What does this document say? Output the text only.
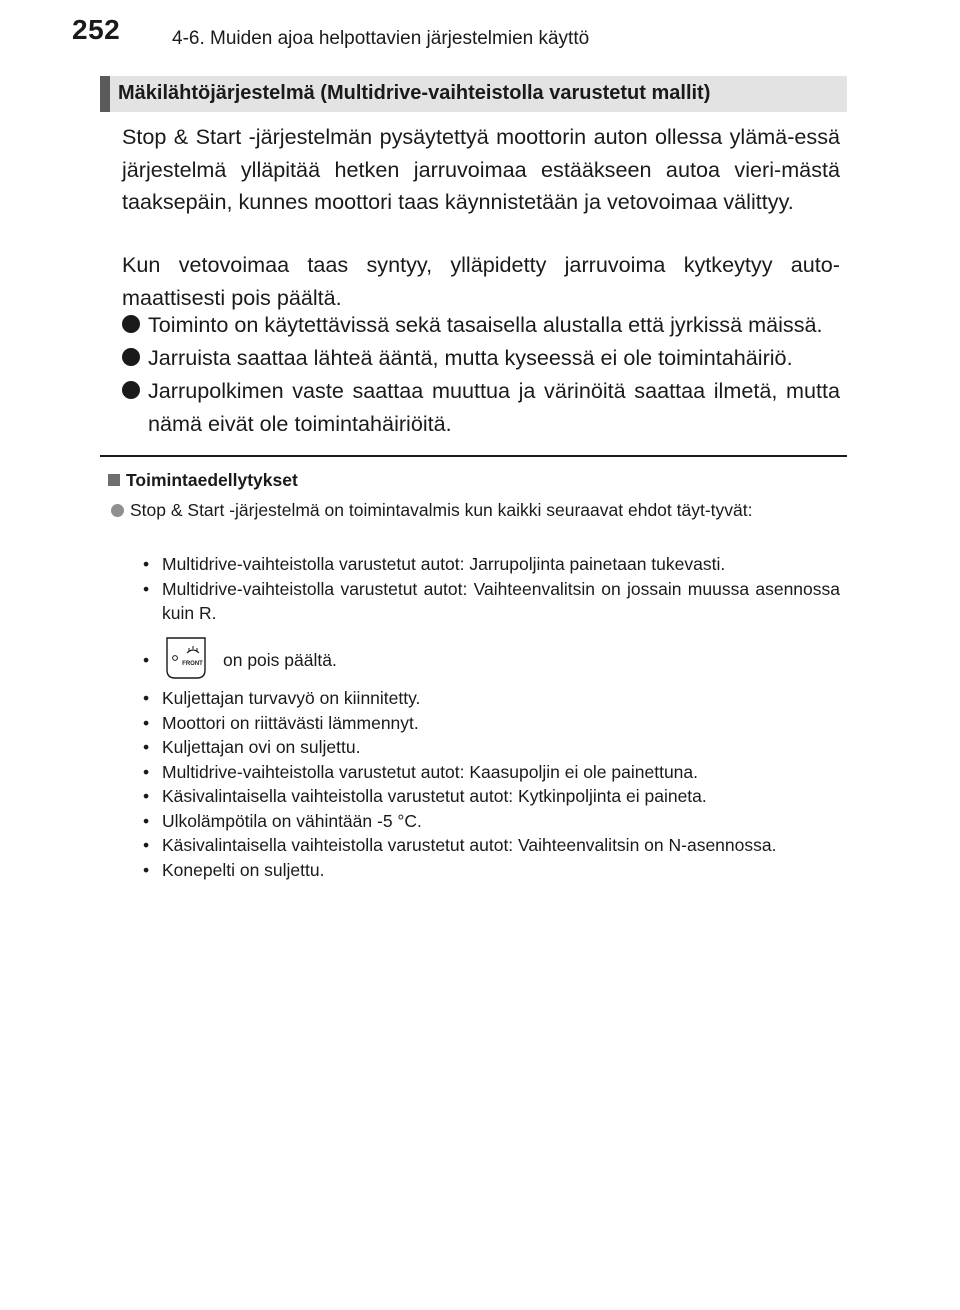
252	4-6. Muiden ajoa helpottavien järjestelmien käyttö
Mäkilähtöjärjestelmä (Multidrive-vaihteistolla varustetut mallit)
Stop & Start -järjestelmän pysäytettyä moottorin auton ollessa ylämä-essä järjestelmä ylläpitää hetken jarruvoimaa estääkseen autoa vieri-mästä taaksepäin, kunnes moottori taas käynnistetään ja vetovoimaa välittyy.
Kun vetovoimaa taas syntyy, ylläpidetty jarruvoima kytkeytyy auto-maattisesti pois päältä.
Toiminto on käytettävissä sekä tasaisella alustalla että jyrkissä mäissä.
Jarruista saattaa lähteä ääntä, mutta kyseessä ei ole toimintahäiriö.
Jarrupolkimen vaste saattaa muuttua ja värinöitä saattaa ilmetä, mutta nämä eivät ole toimintahäiriöitä.
Toimintaedellytykset
Stop & Start -järjestelmä on toimintavalmis kun kaikki seuraavat ehdot täyt-tyvät:
• Multidrive-vaihteistolla varustetut autot: Jarrupoljinta painetaan tukevasti.
• Multidrive-vaihteistolla varustetut autot: Vaihteenvalitsin on jossain muussa asennossa kuin R.
•	FRONT on pois päältä.
• Kuljettajan turvavyö on kiinnitetty.
• Moottori on riittävästi lämmennyt.
• Kuljettajan ovi on suljettu.
• Multidrive-vaihteistolla varustetut autot: Kaasupoljin ei ole painettuna.
• Käsivalintaisella vaihteistolla varustetut autot: Kytkinpoljinta ei paineta.
• Ulkolämpötila on vähintään -5 °C.
• Käsivalintaisella vaihteistolla varustetut autot: Vaihteenvalitsin on N-asennossa.
• Konepelti on suljettu.
